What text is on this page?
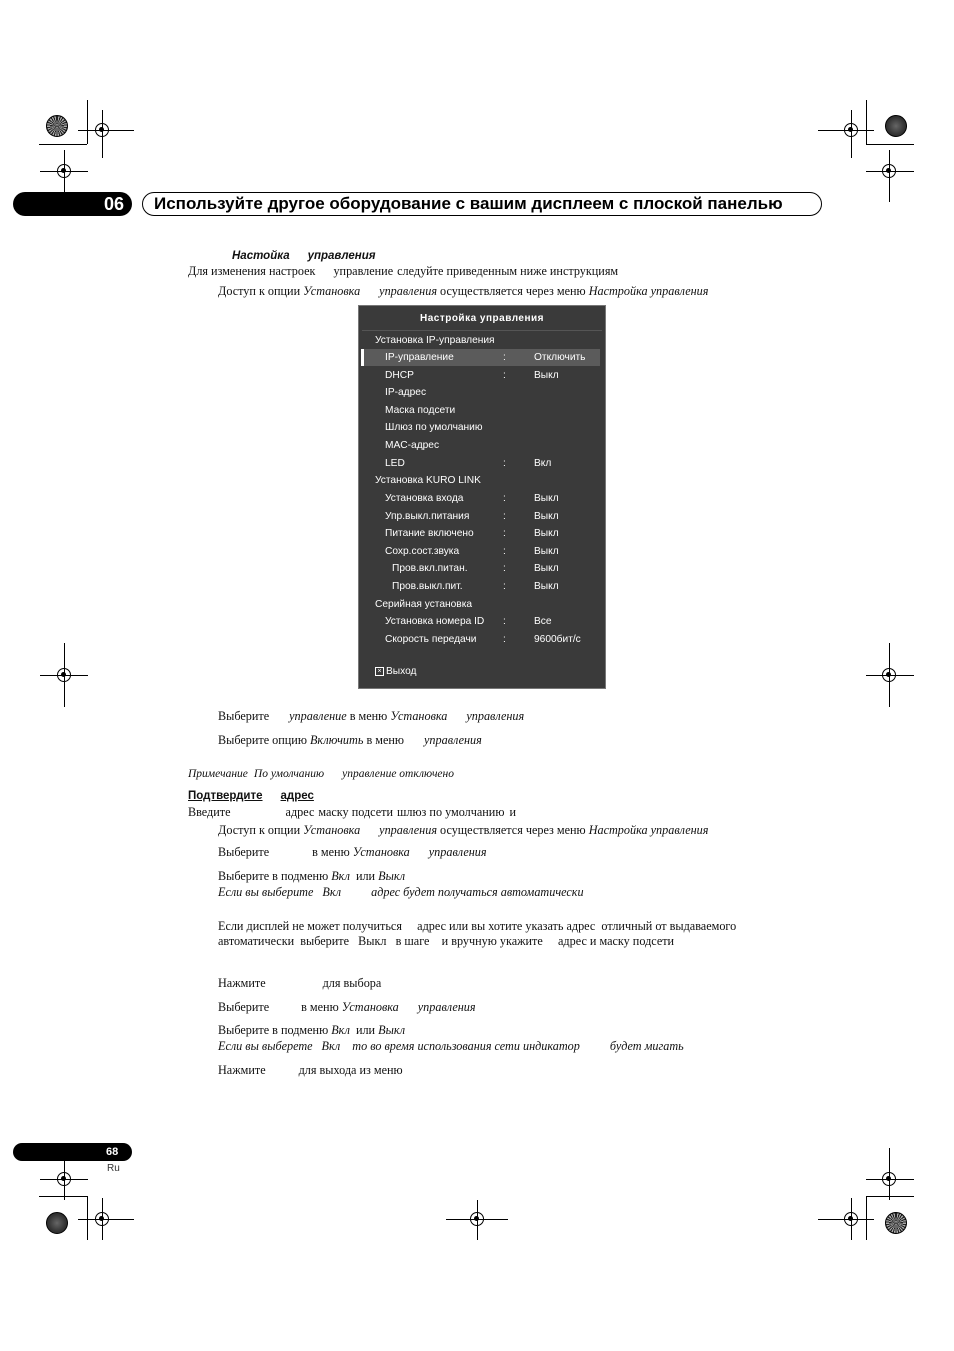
06 Используйте другое оборудование с вашим дисплеем с плоской панелью
Настойка управления
Для изменения настроек управление следуйте приведенным ниже инструкциям
Доступ к опции Установка управления осуществляется через меню Настройка управления
Настройка управления
Установка IP-управления
IP-управление	:	Отключить
DHCP	:	Выкл
IP-адрес
Маска подсети
Шлюз по умолчанию
MAC-адрес
LED	:	Вкл
Установка KURO LINK
Установка входа	:	Выкл
Упр.выкл.питания	:	Выкл
Питание включено	:	Выкл
Сохр.сост.звука	:	Выкл
Пров.вкл.питан.	:	Выкл
Пров.выкл.пит.	:	Выкл
Серийная установка
Установка номера ID :	Все
Скорость передачи	:	9600бит/с
× Выход
Выберите управление в меню Установка управления
Выберите опцию Включить в меню управления
Примечание По умолчанию управление отключено
Подтвердите адрес
Введите	адрес маску подсети шлюз по умолчанию и
Доступ к опции Установка управления осуществляется через меню Настройка управления
Выберите	в меню Установка управления
Выберите в подменю Вкл или Выкл
Если вы выберите Вкл адрес будет получаться автоматически
Если дисплей не может получиться     адрес или вы хотите указать адрес  отличный от выдаваемого
автоматически  выберите   Выкл   в шаге    и вручную укажите     адрес и маску подсети
Нажмите	для выбора
Выберите	в меню Установка управления
Выберите в подменю Вкл или Выкл
Если вы выберете Вкл то во время использования сети индикатор будет мигать
Нажмите	для выхода из меню
68
Ru
